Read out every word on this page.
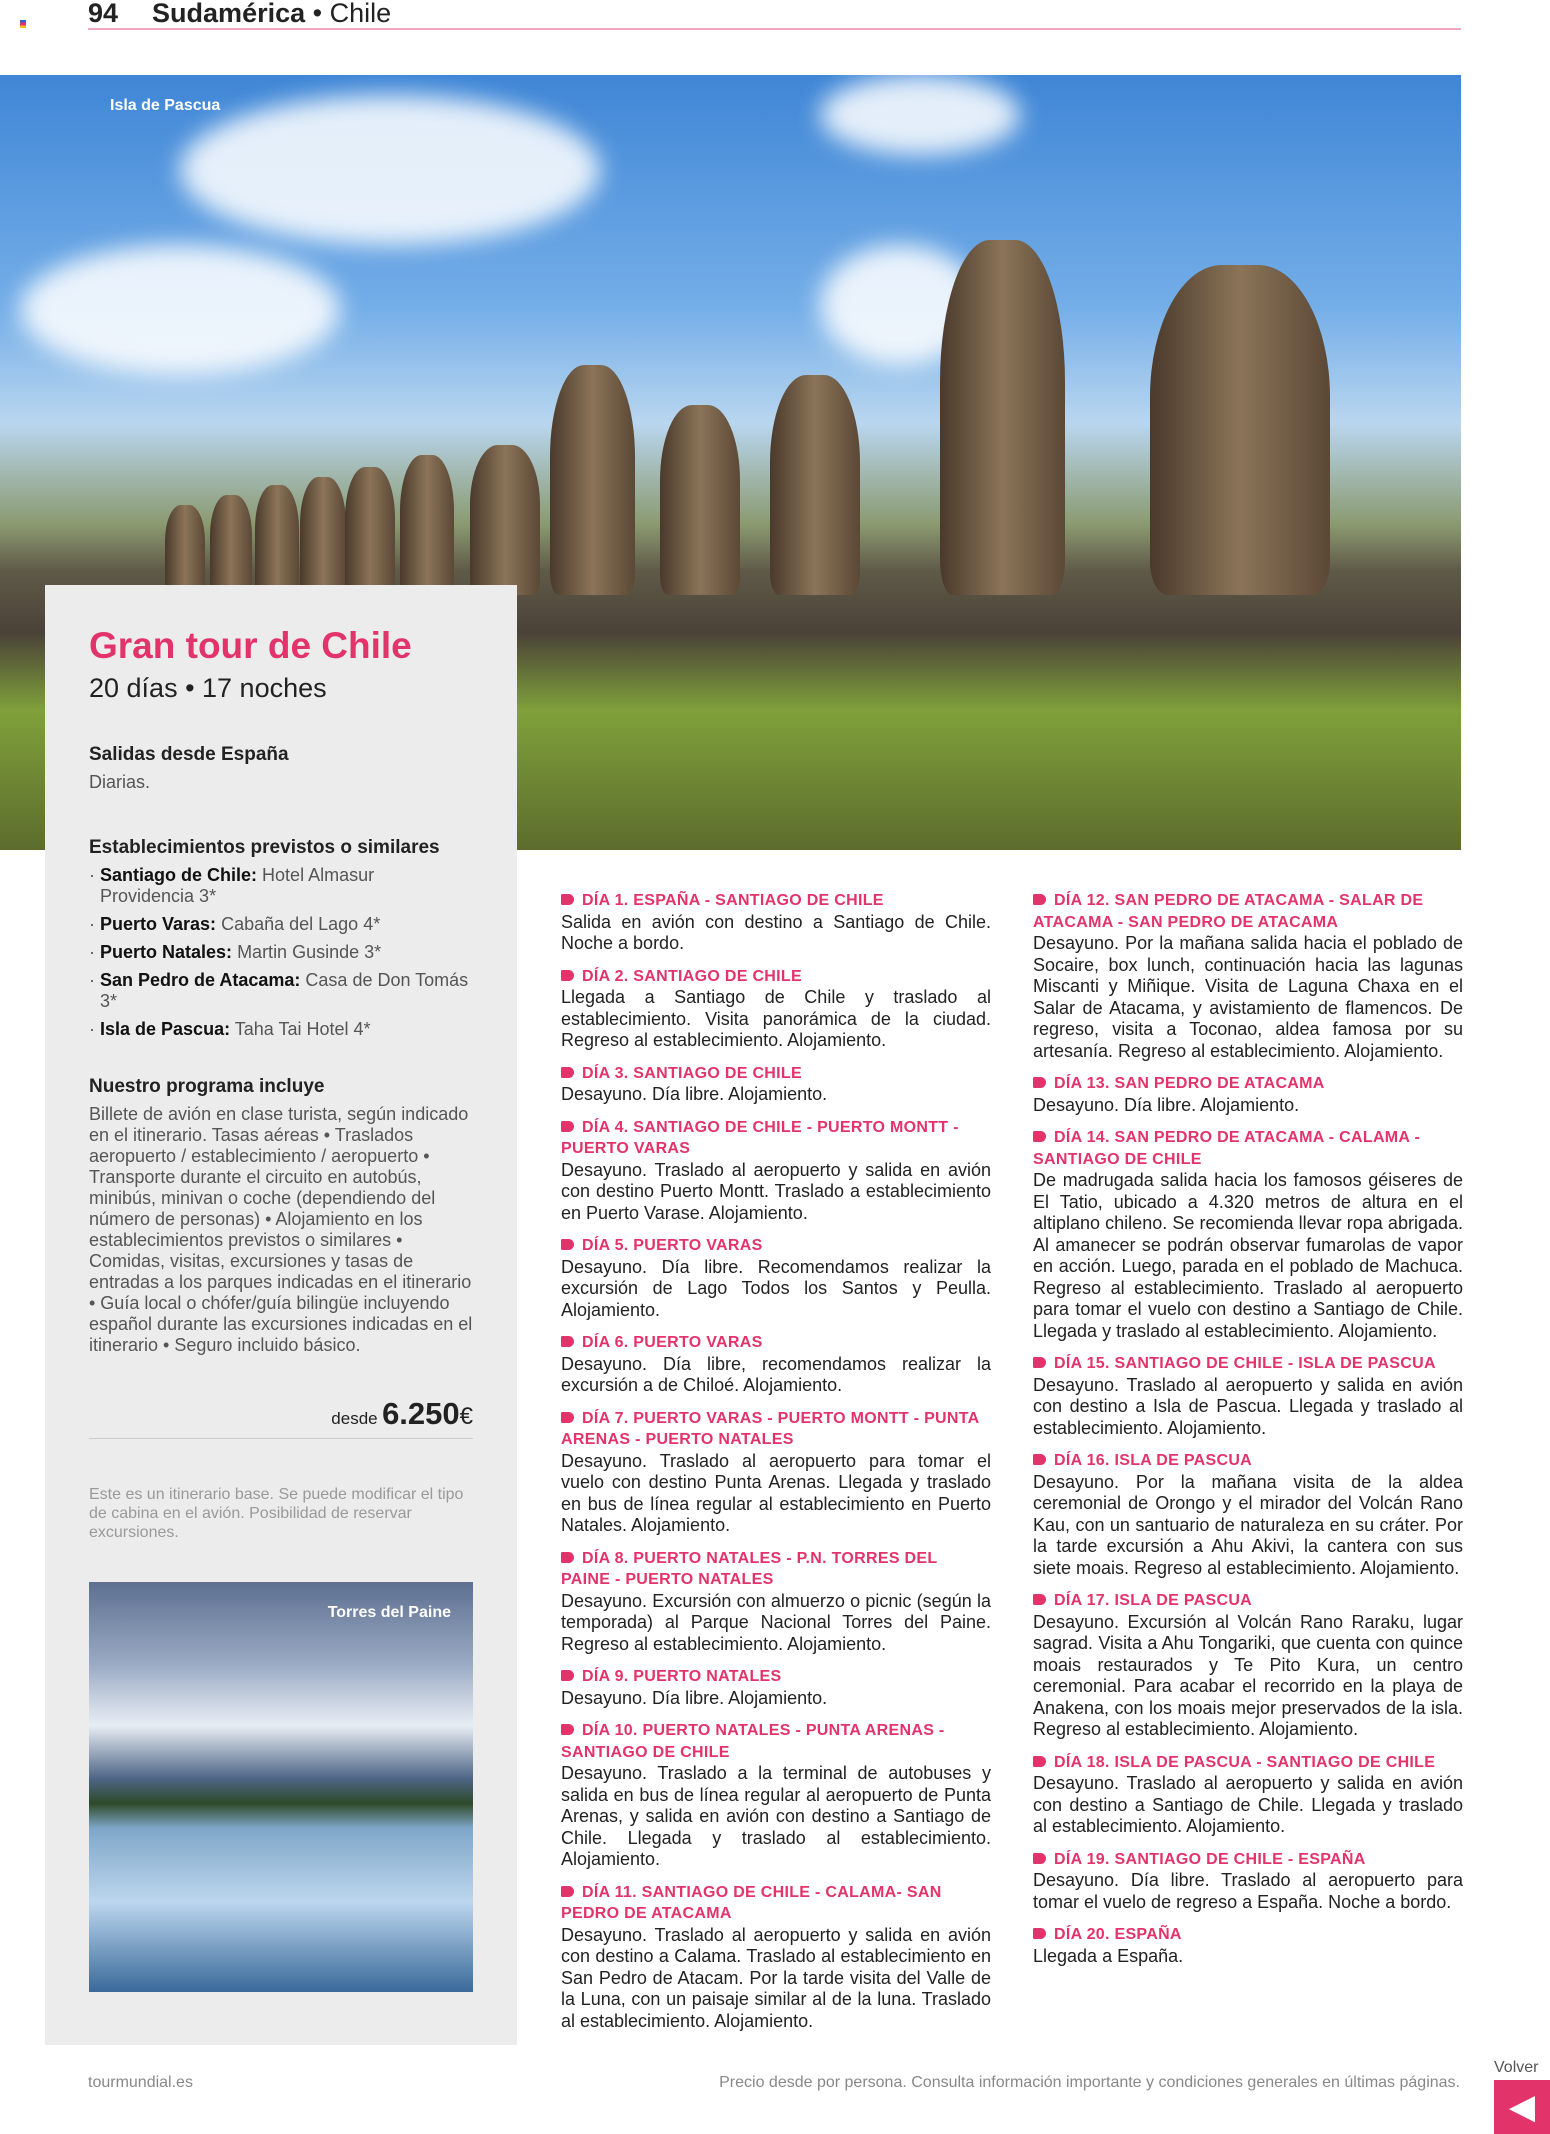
94 Sudamérica • Chile
Isla de Pascua
Gran tour de Chile
20 días • 17 noches
Salidas desde España
Diarias.
Establecimientos previstos o similares
· Santiago de Chile: Hotel Almasur Providencia 3*
· Puerto Varas: Cabaña del Lago 4*
· Puerto Natales: Martin Gusinde 3*
· San Pedro de Atacama: Casa de Don Tomás 3*
· Isla de Pascua: Taha Tai Hotel 4*
Nuestro programa incluye
Billete de avión en clase turista, según indicado en el itinerario. Tasas aéreas • Traslados aeropuerto / establecimiento / aeropuerto • Transporte durante el circuito en autobús, minibús, minivan o coche (dependiendo del número de personas) • Alojamiento en los establecimientos previstos o similares • Comidas, visitas, excursiones y tasas de entradas a los parques indicadas en el itinerario • Guía local o chófer/guía bilingüe incluyendo español durante las excursiones indicadas en el itinerario • Seguro incluido básico.
desde 6.250€
Este es un itinerario base. Se puede modificar el tipo de cabina en el avión. Posibilidad de reservar excursiones.
Torres del Paine
DÍA 1. ESPAÑA - SANTIAGO DE CHILE
Salida en avión con destino a Santiago de Chile. Noche a bordo.
DÍA 2. SANTIAGO DE CHILE
Llegada a Santiago de Chile y traslado al establecimiento. Visita panorámica de la ciudad. Regreso al establecimiento. Alojamiento.
DÍA 3. SANTIAGO DE CHILE
Desayuno. Día libre. Alojamiento.
DÍA 4. SANTIAGO DE CHILE - PUERTO MONTT - PUERTO VARAS
Desayuno. Traslado al aeropuerto y salida en avión con destino Puerto Montt. Traslado a establecimiento en Puerto Varase. Alojamiento.
DÍA 5. PUERTO VARAS
Desayuno. Día libre. Recomendamos realizar la excursión de Lago Todos los Santos y Peulla. Alojamiento.
DÍA 6. PUERTO VARAS
Desayuno. Día libre, recomendamos realizar la excursión a de Chiloé. Alojamiento.
DÍA 7. PUERTO VARAS - PUERTO MONTT - PUNTA ARENAS - PUERTO NATALES
Desayuno. Traslado al aeropuerto para tomar el vuelo con destino Punta Arenas. Llegada y traslado en bus de línea regular al establecimiento en Puerto Natales. Alojamiento.
DÍA 8. PUERTO NATALES - P.N. TORRES DEL PAINE - PUERTO NATALES
Desayuno. Excursión con almuerzo o picnic (según la temporada) al Parque Nacional Torres del Paine. Regreso al establecimiento. Alojamiento.
DÍA 9. PUERTO NATALES
Desayuno. Día libre. Alojamiento.
DÍA 10. PUERTO NATALES - PUNTA ARENAS - SANTIAGO DE CHILE
Desayuno. Traslado a la terminal de autobuses y salida en bus de línea regular al aeropuerto de Punta Arenas, y salida en avión con destino a Santiago de Chile. Llegada y traslado al establecimiento. Alojamiento.
DÍA 11. SANTIAGO DE CHILE - CALAMA- SAN PEDRO DE ATACAMA
Desayuno. Traslado al aeropuerto y salida en avión con destino a Calama. Traslado al establecimiento en San Pedro de Atacam. Por la tarde visita del Valle de la Luna, con un paisaje similar al de la luna. Traslado al establecimiento. Alojamiento.
DÍA 12. SAN PEDRO DE ATACAMA - SALAR DE ATACAMA - SAN PEDRO DE ATACAMA
Desayuno. Por la mañana salida hacia el poblado de Socaire, box lunch, continuación hacia las lagunas Miscanti y Miñique. Visita de Laguna Chaxa en el Salar de Atacama, y avistamiento de flamencos. De regreso, visita a Toconao, aldea famosa por su artesanía. Regreso al establecimiento. Alojamiento.
DÍA 13. SAN PEDRO DE ATACAMA
Desayuno. Día libre. Alojamiento.
DÍA 14. SAN PEDRO DE ATACAMA - CALAMA - SANTIAGO DE CHILE
De madrugada salida hacia los famosos géiseres de El Tatio, ubicado a 4.320 metros de altura en el altiplano chileno. Se recomienda llevar ropa abrigada. Al amanecer se podrán observar fumarolas de vapor en acción. Luego, parada en el poblado de Machuca. Regreso al establecimiento. Traslado al aeropuerto para tomar el vuelo con destino a Santiago de Chile. Llegada y traslado al establecimiento. Alojamiento.
DÍA 15. SANTIAGO DE CHILE - ISLA DE PASCUA
Desayuno. Traslado al aeropuerto y salida en avión con destino a Isla de Pascua. Llegada y traslado al establecimiento. Alojamiento.
DÍA 16. ISLA DE PASCUA
Desayuno. Por la mañana visita de la aldea ceremonial de Orongo y el mirador del Volcán Rano Kau, con un santuario de naturaleza en su cráter. Por la tarde excursión a Ahu Akivi, la cantera con sus siete moais. Regreso al establecimiento. Alojamiento.
DÍA 17. ISLA DE PASCUA
Desayuno. Excursión al Volcán Rano Raraku, lugar sagrad. Visita a Ahu Tongariki, que cuenta con quince moais restaurados y Te Pito Kura, un centro ceremonial. Para acabar el recorrido en la playa de Anakena, con los moais mejor preservados de la isla. Regreso al establecimiento. Alojamiento.
DÍA 18. ISLA DE PASCUA - SANTIAGO DE CHILE
Desayuno. Traslado al aeropuerto y salida en avión con destino a Santiago de Chile. Llegada y traslado al establecimiento. Alojamiento.
DÍA 19. SANTIAGO DE CHILE - ESPAÑA
Desayuno. Día libre. Traslado al aeropuerto para tomar el vuelo de regreso a España. Noche a bordo.
DÍA 20. ESPAÑA
Llegada a España.
tourmundial.es	Precio desde por persona. Consulta información importante y condiciones generales en últimas páginas.
Volver
◀
